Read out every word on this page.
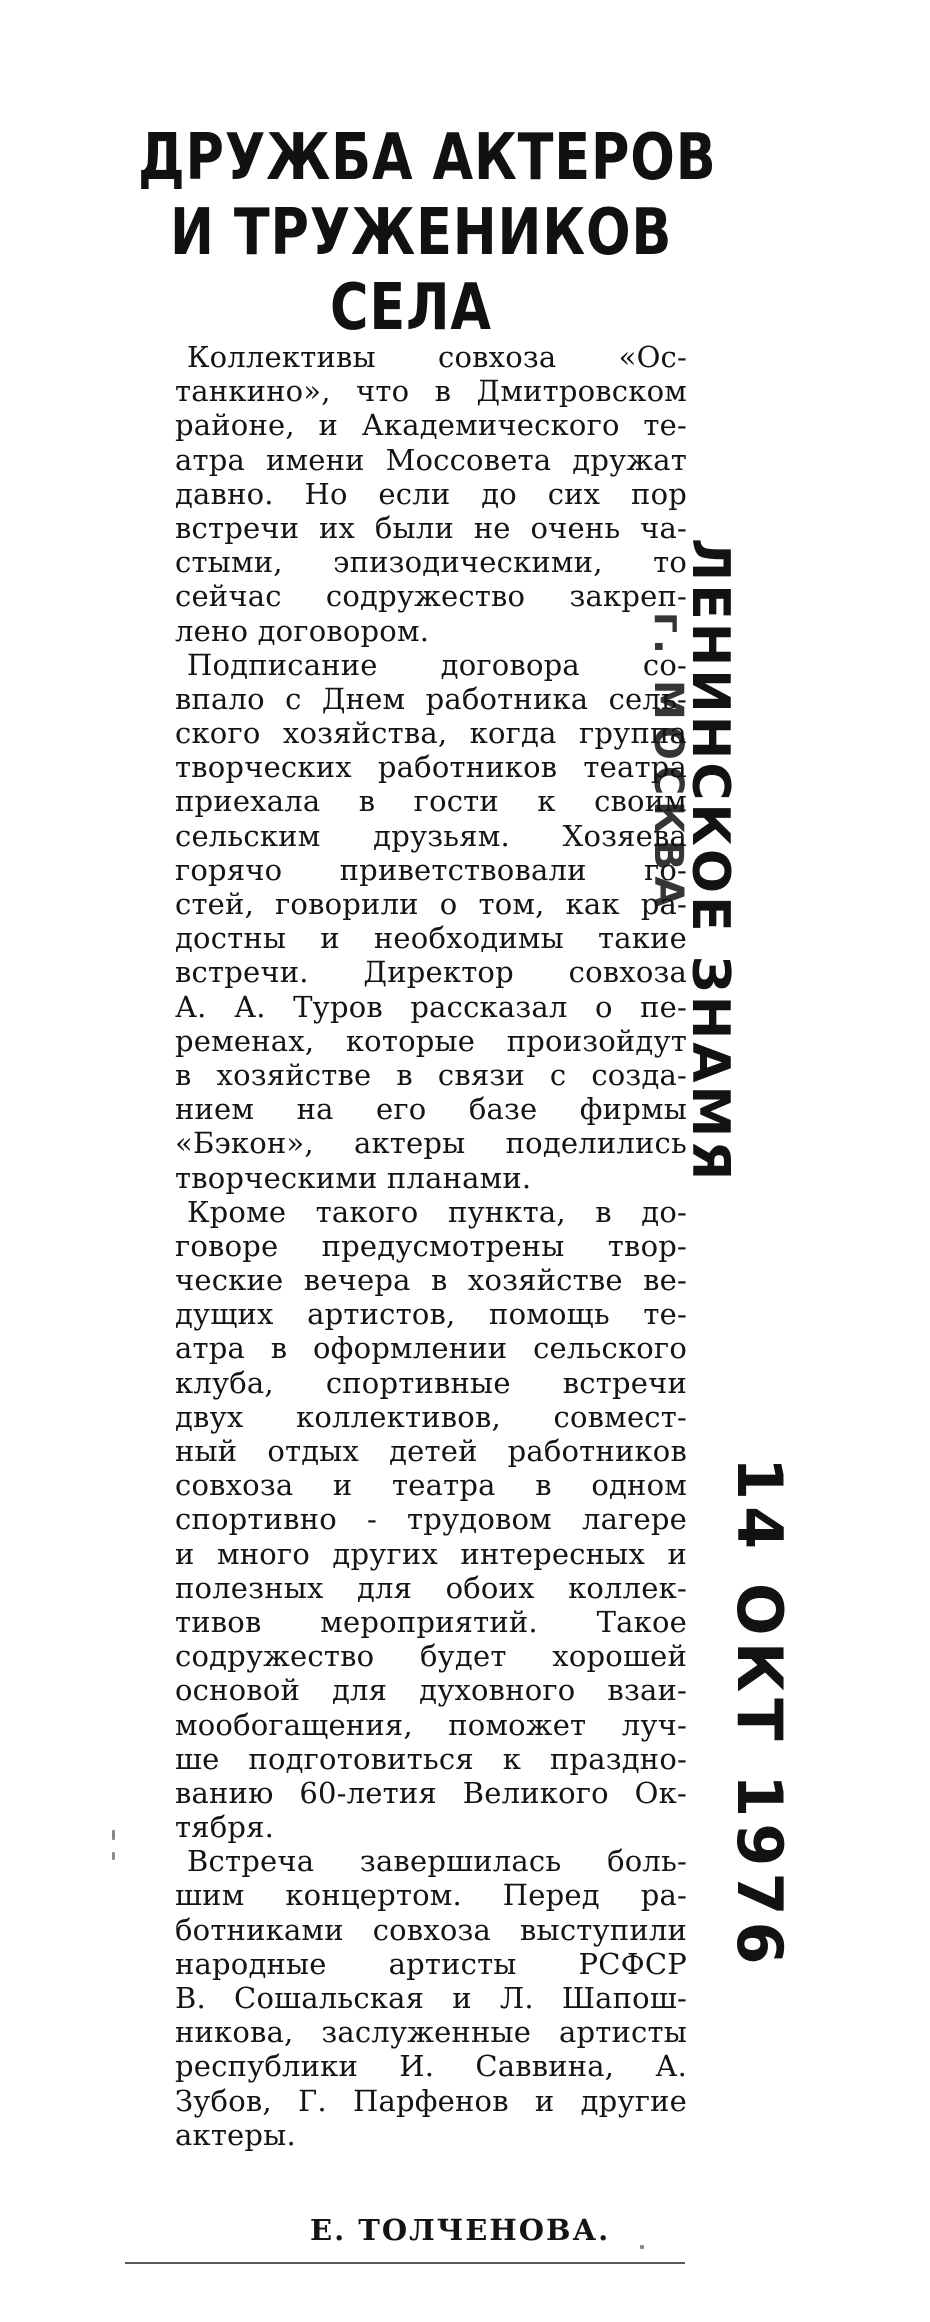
ДРУЖБА АКТЕРОВ
И ТРУЖЕНИКОВ
СЕЛА
Коллективы совхоза «Ос-
танкино», что в Дмитровском
районе, и Академического те-
атра имени Моссовета дружат
давно. Но если до сих пор
встречи их были не очень ча-
стыми, эпизодическими, то
сейчас содружество закреп-
лено договором.
Подписание договора со-
впало с Днем работника сель-
ского хозяйства, когда группа
творческих работников театра
приехала в гости к своим
сельским друзьям. Хозяева
горячо приветствовали го-
стей, говорили о том, как ра-
достны и необходимы такие
встречи. Директор совхоза
А. А. Туров рассказал о пе-
ременах, которые произойдут
в хозяйстве в связи с созда-
нием на его базе фирмы
«Бэкон», актеры поделились
творческими планами.
Кроме такого пункта, в до-
говоре предусмотрены твор-
ческие вечера в хозяйстве ве-
дущих артистов, помощь те-
атра в оформлении сельского
клуба, спортивные встречи
двух коллективов, совмест-
ный отдых детей работников
совхоза и театра в одном
спортивно - трудовом лагере
и много других интересных и
полезных для обоих коллек-
тивов мероприятий. Такое
содружество будет хорошей
основой для духовного взаи-
мообогащения, поможет луч-
ше подготовиться к праздно-
ванию 60-летия Великого Ок-
тября.
Встреча завершилась боль-
шим концертом. Перед ра-
ботниками совхоза выступили
народные артисты РСФСР
В. Сошальская и Л. Шапош-
никова, заслуженные артисты
республики И. Саввина, А.
Зубов, Г. Парфенов и другие
актеры.
Е. ТОЛЧЕНОВА.
ЛЕНИНСКОЕ ЗНАМЯ
г. МОСКВА
14 ОКТ 1976
